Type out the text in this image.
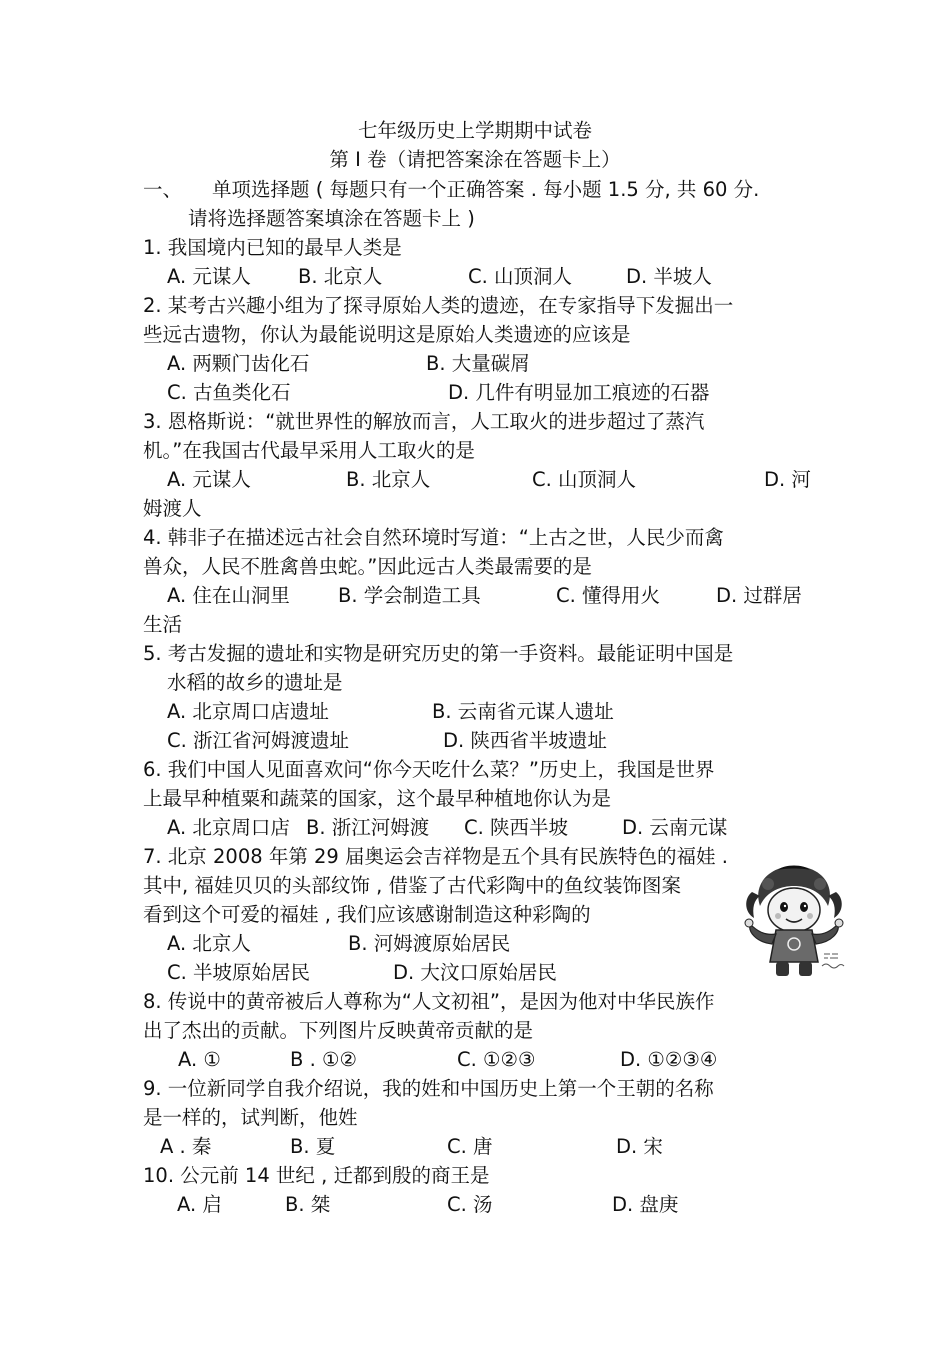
七年级历史上学期期中试卷
第 I 卷（请把答案涂在答题卡上）
一、 单项选择题 ( 每题只有一个正确答案 . 每小题 1.5 分, 共 60 分.
请将选择题答案填涂在答题卡上 )
1. 我国境内已知的最早人类是
A. 元谋人 B. 北京人	C. 山顶洞人	D. 半坡人
2. 某考古兴趣小组为了探寻原始人类的遗迹，在专家指导下发掘出一
些远古遗物，你认为最能说明这是原始人类遗迹的应该是
A. 两颗门齿化石	B. 大量碳屑
C. 古鱼类化石	D. 几件有明显加工痕迹的石器
3. 恩格斯说：“就世界性的解放而言，人工取火的进步超过了蒸汽
机。”在我国古代最早采用人工取火的是
A. 元谋人	B. 北京人	C. 山顶洞人	D. 河
姆渡人
4. 韩非子在描述远古社会自然环境时写道：“上古之世，人民少而禽
兽众，人民不胜禽兽虫蛇。”因此远古人类最需要的是
A. 住在山洞里 B. 学会制造工具	C. 懂得用火	D. 过群居
生活
5. 考古发掘的遗址和实物是研究历史的第一手资料。最能证明中国是
水稻的故乡的遗址是
A. 北京周口店遗址	B. 云南省元谋人遗址
C. 浙江省河姆渡遗址	D. 陕西省半坡遗址
6. 我们中国人见面喜欢问“你今天吃什么菜？”历史上，我国是世界
上最早种植粟和蔬菜的国家，这个最早种植地你认为是
A. 北京周口店 B. 浙江河姆渡 C. 陕西半坡	D. 云南元谋
7. 北京 2008 年第 29 届奥运会吉祥物是五个具有民族特色的福娃 .
其中, 福娃贝贝的头部纹饰 , 借鉴了古代彩陶中的鱼纹装饰图案
看到这个可爱的福娃 , 我们应该感谢制造这种彩陶的
A. 北京人	B. 河姆渡原始居民
C. 半坡原始居民	D. 大汶口原始居民
8. 传说中的黄帝被后人尊称为“人文初祖”，是因为他对中华民族作
出了杰出的贡献。下列图片反映黄帝贡献的是
A. ①	B . ①②	C. ①②③	D. ①②③④
9. 一位新同学自我介绍说，我的姓和中国历史上第一个王朝的名称
是一样的，试判断，他姓
A . 秦	B. 夏	C. 唐	D. 宋
10. 公元前 14 世纪 , 迁都到殷的商王是
A. 启	B. 桀	C. 汤	D. 盘庚
